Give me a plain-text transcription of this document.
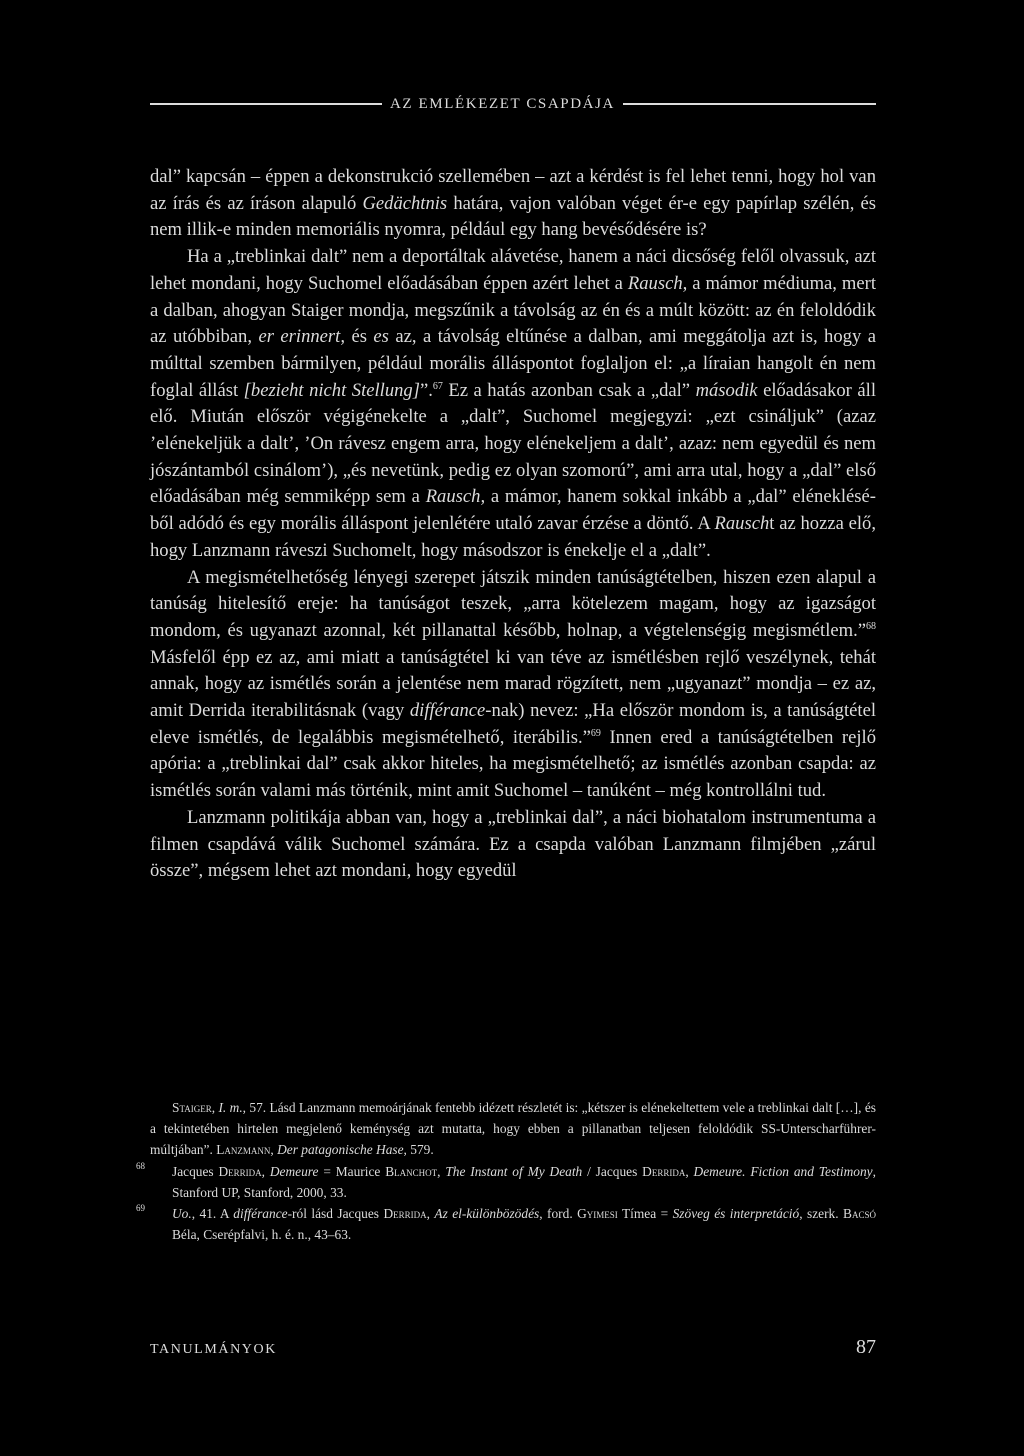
AZ EMLÉKEZET CSAPDÁJA

dal” kapcsán – éppen a dekonstrukció szellemében – azt a kérdést is fel lehet tenni, hogy hol van az írás és az íráson alapuló Gedächtnis határa, vajon valóban véget ér-e egy papírlap szélén, és nem illik-e minden memoriális nyomra, például egy hang bevésődésére is?

Ha a „treblinkai dalt” nem a deportáltak alávetése, hanem a náci dicsőség felől olvassuk, azt lehet mondani, hogy Suchomel előadásában éppen azért lehet a Rausch, a mámor médiuma, mert a dalban, ahogyan Staiger mondja, megszűnik a távolság az én és a múlt között: az én feloldódik az utóbbiban, er erinnert, és es az, a távolság eltűnése a dalban, ami meggátolja azt is, hogy a múlttal szemben bármilyen, például morális álláspontot foglaljon el: „a líraian hangolt én nem foglal állást [bezieht nicht Stellung]”.$^{67}$ Ez a hatás azonban csak a „dal” második előadásakor áll elő. Miután először végigénekelte a „dalt”, Suchomel megjegyzi: „ezt csináljuk” (azaz ’elénekeljük a dalt’, ’On rávesz engem arra, hogy elénekeljem a dalt’, azaz: nem egyedül és nem jószántamból csinálom’), „és nevetünk, pedig ez olyan szomorú”, ami arra utal, hogy a „dal” első előadásában még semmiképp sem a Rausch, a mámor, hanem sokkal inkább a „dal” elénekléséből adódó és egy morális álláspont jelenlétére utaló zavar érzése a döntő. A Rauscht az hozza elő, hogy Lanzmann ráveszi Suchomelt, hogy másodszor is énekelje el a „dalt”.

A megismételhetőség lényegi szerepet játszik minden tanúságtételben, hiszen ezen alapul a tanúság hitelesítő ereje: ha tanúságot teszek, „arra kötelezem magam, hogy az igazságot mondom, és ugyanazt azonnal, két pillanattal később, holnap, a végtelenségig megismétlem.”$^{68}$ Másfelől épp ez az, ami miatt a tanúságtétel ki van téve az ismétlésben rejlő veszélynek, tehát annak, hogy az ismétlés során a jelentése nem marad rögzített, nem „ugyanazt” mondja – ez az, amit Derrida iterabilitásnak (vagy différance-nak) nevez: „Ha először mondom is, a tanúságtétel eleve ismétlés, de legalábbis megismételhető, iterábilis.”$^{69}$ Innen ered a tanúságtételben rejlő apória: a „treblinkai dal” csak akkor hiteles, ha megismételhető; az ismétlés azonban csapda: az ismétlés során valami más történik, mint amit Suchomel – tanúként – még kontrollálni tud.

Lanzmann politikája abban van, hogy a „treblinkai dal”, a náci biohatalom instrumentuma a filmen csapdává válik Suchomel számára. Ez a csapda valóban Lanzmann filmjében „zárul össze”, mégsem lehet azt mondani, hogy egyedül

Staiger, I. m., 57. Lásd Lanzmann memoárjának fentebb idézett részletét is: „kétszer is elénekeltettem vele a treblinkai dalt […], és a tekintetében hirtelen megjelenő keménység azt mutatta, hogy ebben a pillanatban teljesen feloldódik SS-Unterscharführer-múltjában”. Lanzmann, Der patagonische Hase, 579.

68	Jacques Derrida, Demeure = Maurice Blanchot, The Instant of My Death / Jacques Derrida, Demeure. Fiction and Testimony, Stanford UP, Stanford, 2000, 33.

69	Uo., 41. A différance-ról lásd Jacques Derrida, Az el-különbözödés, ford. Gyimesi Tímea = Szöveg és interpretáció, szerk. Bacsó Béla, Cserépfalvi, h. é. n., 43–63.

TANULMÁNYOK	87
